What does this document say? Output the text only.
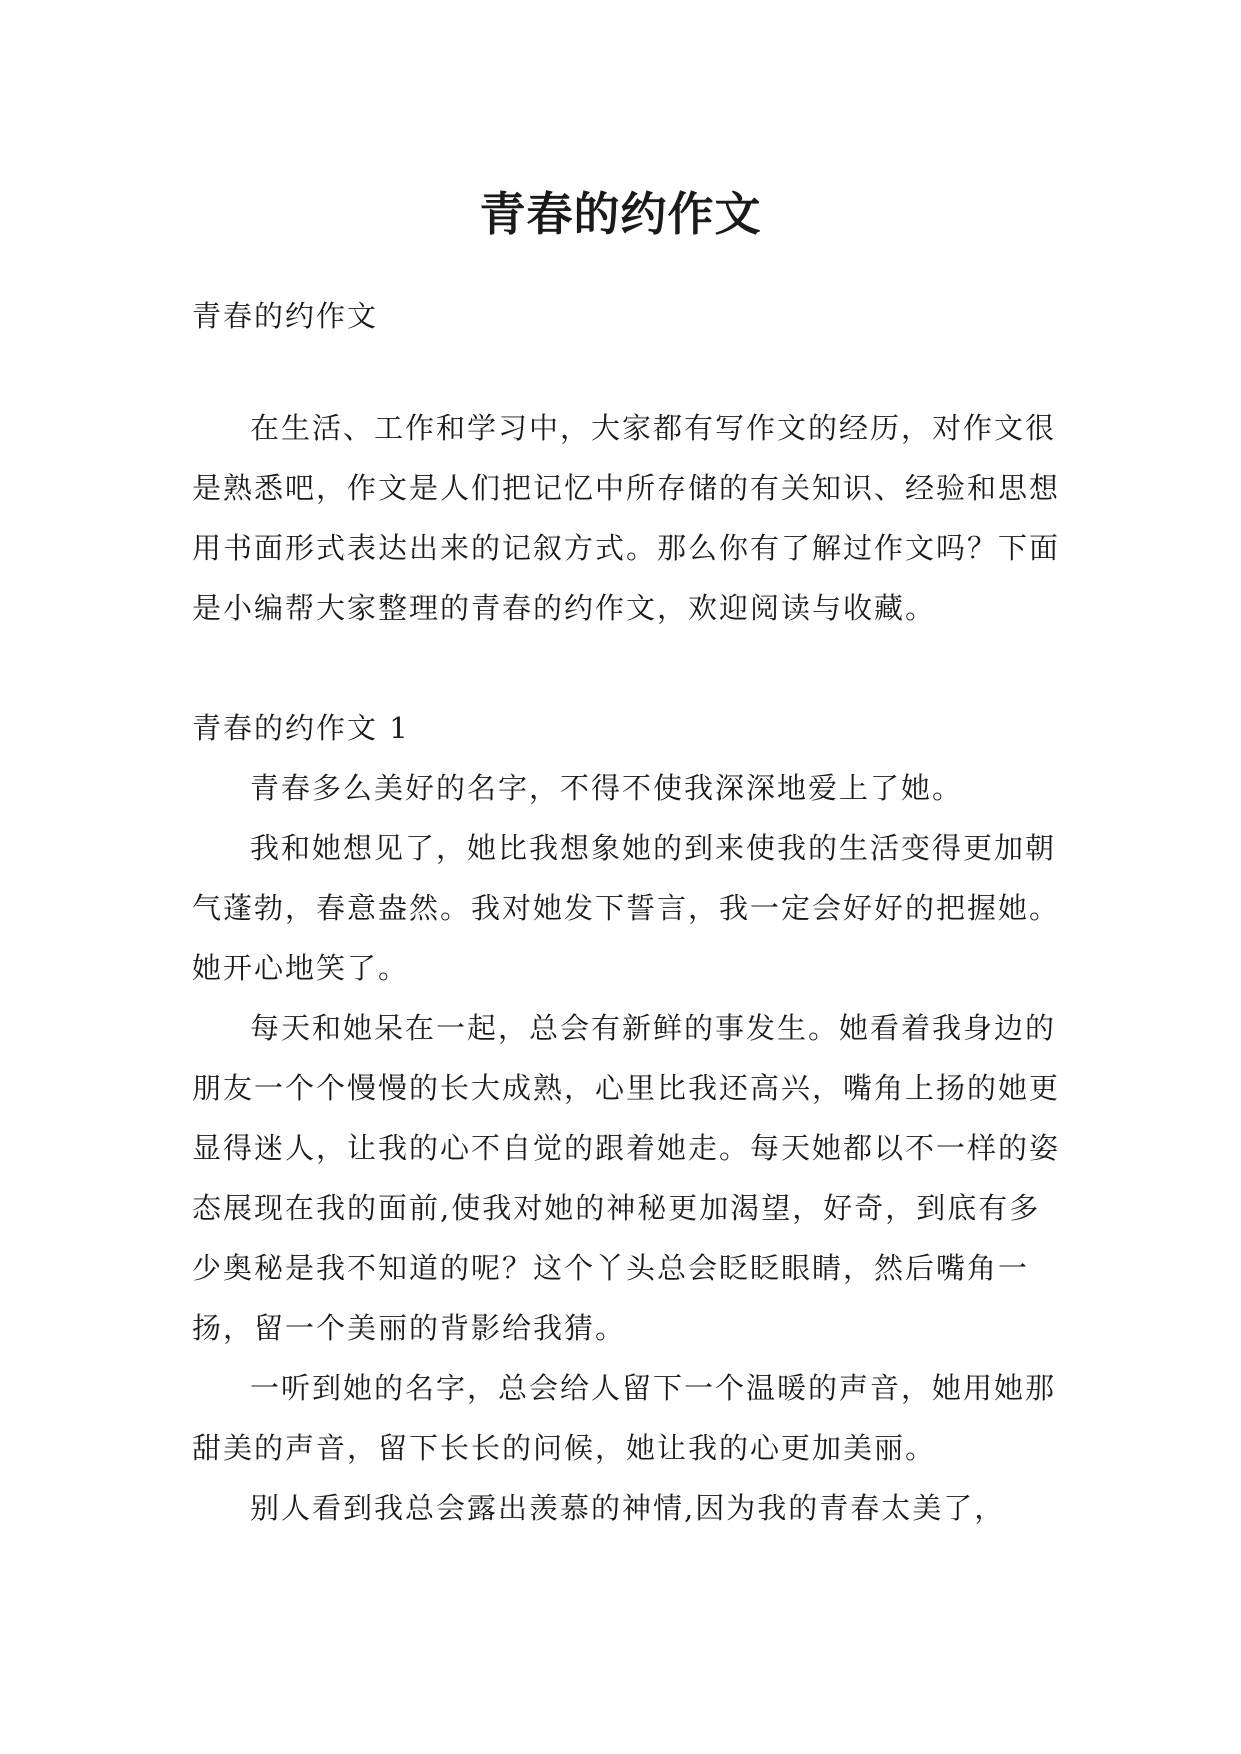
青春的约作文

青春的约作文

在生活、工作和学习中，大家都有写作文的经历，对作文很是熟悉吧，作文是人们把记忆中所存储的有关知识、经验和思想用书面形式表达出来的记叙方式。那么你有了解过作文吗？下面是小编帮大家整理的青春的约作文，欢迎阅读与收藏。

青春的约作文 1

青春多么美好的名字，不得不使我深深地爱上了她。

我和她想见了，她比我想象她的到来使我的生活变得更加朝气蓬勃，春意盎然。我对她发下誓言，我一定会好好的把握她。她开心地笑了。

每天和她呆在一起，总会有新鲜的事发生。她看着我身边的朋友一个个慢慢的长大成熟，心里比我还高兴，嘴角上扬的她更显得迷人，让我的心不自觉的跟着她走。每天她都以不一样的姿态展现在我的面前,使我对她的神秘更加渴望，好奇，到底有多少奥秘是我不知道的呢？这个丫头总会眨眨眼睛，然后嘴角一扬，留一个美丽的背影给我猜。

一听到她的名字，总会给人留下一个温暖的声音，她用她那甜美的声音，留下长长的问候，她让我的心更加美丽。

别人看到我总会露出羡慕的神情,因为我的青春太美了，
